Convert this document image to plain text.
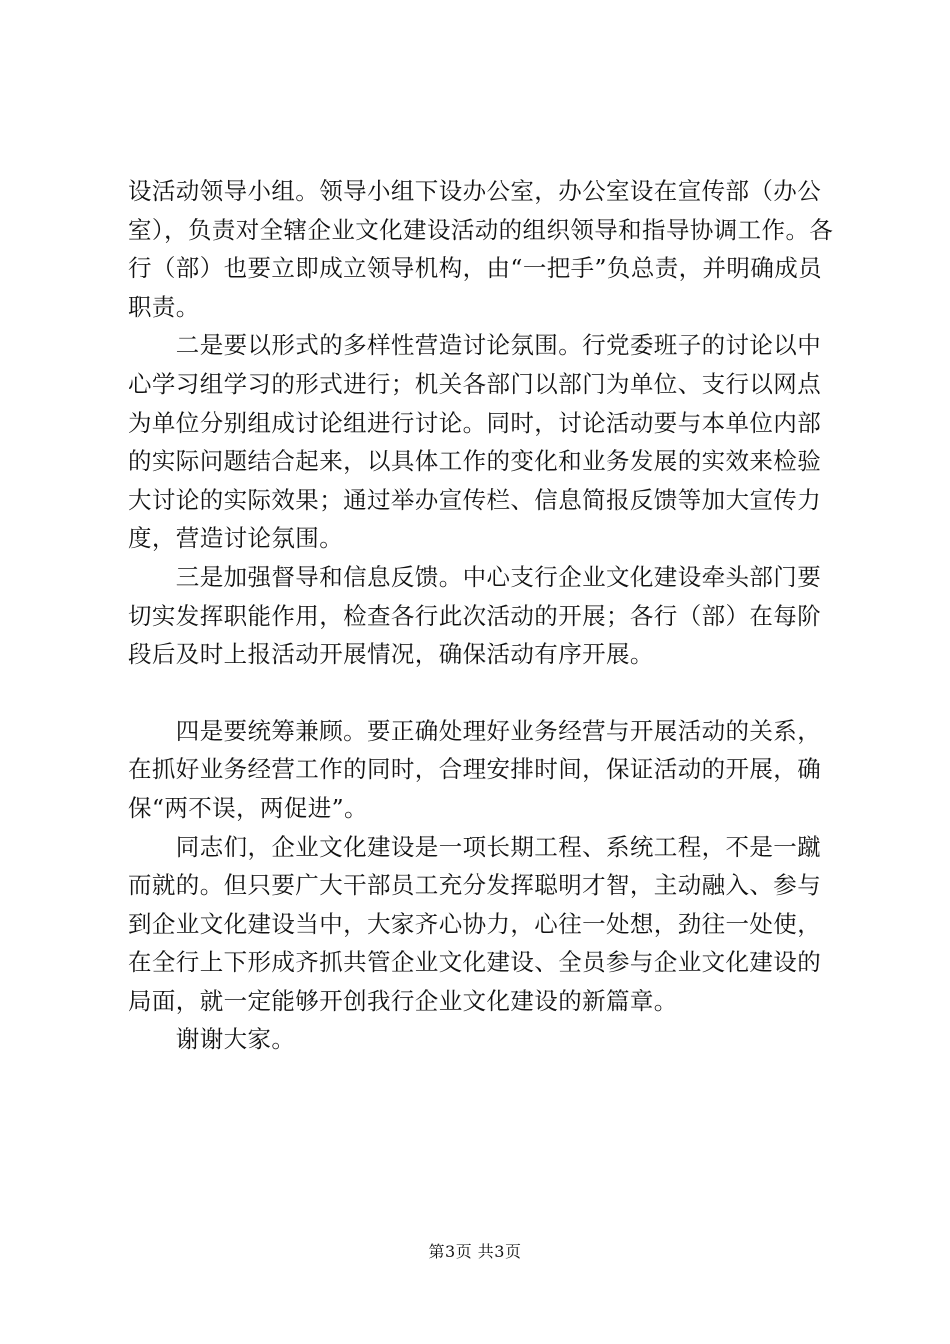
设活动领导小组。领导小组下设办公室，办公室设在宣传部（办公室），负责对全辖企业文化建设活动的组织领导和指导协调工作。各行（部）也要立即成立领导机构，由“一把手”负总责，并明确成员职责。

　　二是要以形式的多样性营造讨论氛围。行党委班子的讨论以中心学习组学习的形式进行；机关各部门以部门为单位、支行以网点为单位分别组成讨论组进行讨论。同时，讨论活动要与本单位内部的实际问题结合起来，以具体工作的变化和业务发展的实效来检验大讨论的实际效果；通过举办宣传栏、信息简报反馈等加大宣传力度，营造讨论氛围。

　　三是加强督导和信息反馈。中心支行企业文化建设牵头部门要切实发挥职能作用，检查各行此次活动的开展；各行（部）在每阶段后及时上报活动开展情况，确保活动有序开展。

　　四是要统筹兼顾。要正确处理好业务经营与开展活动的关系，在抓好业务经营工作的同时，合理安排时间，保证活动的开展，确保“两不误，两促进”。

　　同志们，企业文化建设是一项长期工程、系统工程，不是一蹴而就的。但只要广大干部员工充分发挥聪明才智，主动融入、参与到企业文化建设当中，大家齐心协力，心往一处想，劲往一处使，在全行上下形成齐抓共管企业文化建设、全员参与企业文化建设的局面，就一定能够开创我行企业文化建设的新篇章。

　　谢谢大家。

第3页 共3页
